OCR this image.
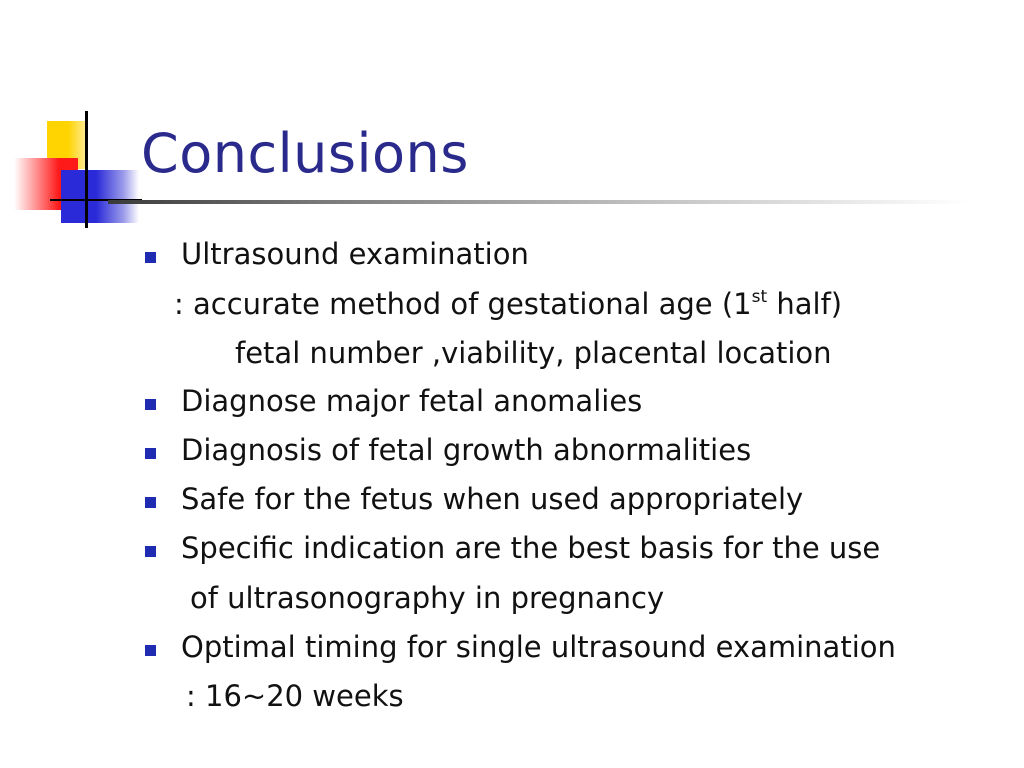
Conclusions
Ultrasound examination
: accurate method of gestational age (1st half)
fetal number ,viability, placental location
Diagnose major fetal anomalies
Diagnosis of fetal growth abnormalities
Safe for the fetus when used appropriately
Specific indication are the best basis for the use
of ultrasonography in pregnancy
Optimal timing for single ultrasound examination
: 16~20 weeks
